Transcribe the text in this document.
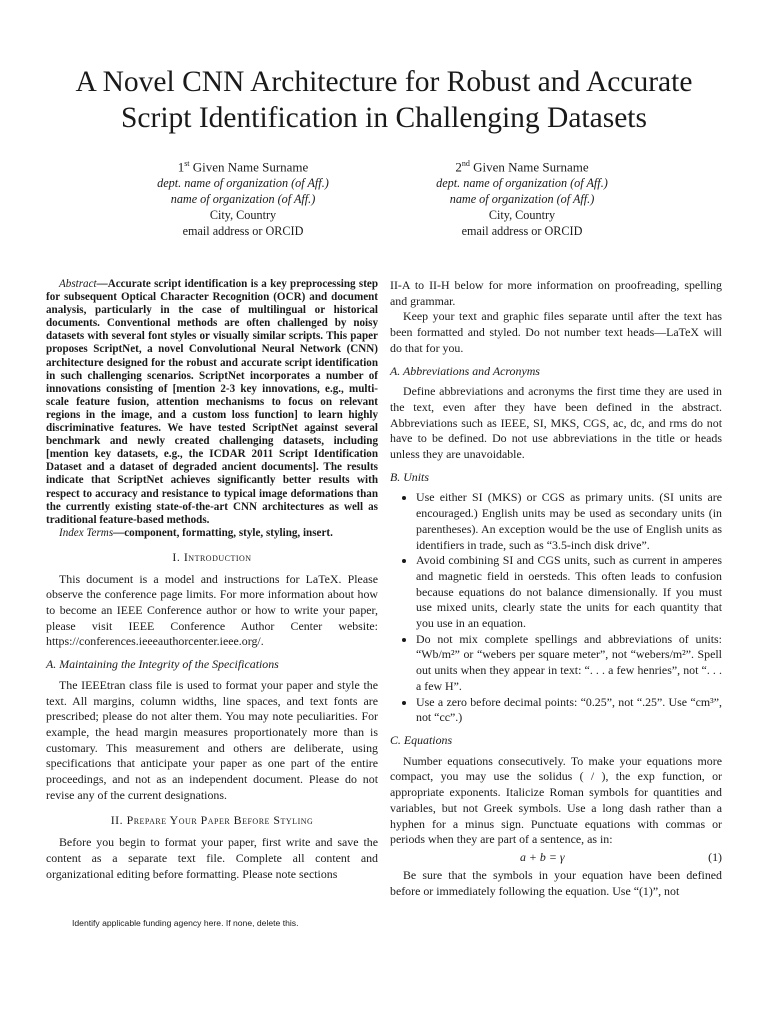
A Novel CNN Architecture for Robust and Accurate
Script Identification in Challenging Datasets
1st Given Name Surname
dept. name of organization (of Aff.)
name of organization (of Aff.)
City, Country
email address or ORCID
2nd Given Name Surname
dept. name of organization (of Aff.)
name of organization (of Aff.)
City, Country
email address or ORCID

Abstract—Accurate script identification is a key preprocessing step for subsequent Optical Character Recognition (OCR) and document analysis, particularly in the case of multilingual or historical documents. Conventional methods are often challenged by noisy datasets with several font styles or visually similar scripts. This paper proposes ScriptNet, a novel Convolutional Neural Network (CNN) architecture designed for the robust and accurate script identification in such challenging scenarios. ScriptNet incorporates a number of innovations consisting of [mention 2-3 key innovations, e.g., multi-scale feature fusion, attention mechanisms to focus on relevant regions in the image, and a custom loss function] to learn highly discriminative features. We have tested ScriptNet against several benchmark and newly created challenging datasets, including [mention key datasets, e.g., the ICDAR 2011 Script Identification Dataset and a dataset of degraded ancient documents]. The results indicate that ScriptNet achieves significantly better results with respect to accuracy and resistance to typical image deformations than the currently existing state-of-the-art CNN architectures as well as traditional feature-based methods.

Index Terms—component, formatting, style, styling, insert.

I. Introduction

This document is a model and instructions for LaTeX. Please observe the conference page limits. For more information about how to become an IEEE Conference author or how to write your paper, please visit IEEE Conference Author Center website: https://conferences.ieeeauthorcenter.ieee.org/.

A. Maintaining the Integrity of the Specifications

The IEEEtran class file is used to format your paper and style the text. All margins, column widths, line spaces, and text fonts are prescribed; please do not alter them. You may note peculiarities. For example, the head margin measures proportionately more than is customary. This measurement and others are deliberate, using specifications that anticipate your paper as one part of the entire proceedings, and not as an independent document. Please do not revise any of the current designations.

II. Prepare Your Paper Before Styling

Before you begin to format your paper, first write and save the content as a separate text file. Complete all content and organizational editing before formatting. Please note sections

II-A to II-H below for more information on proofreading, spelling and grammar.

Keep your text and graphic files separate until after the text has been formatted and styled. Do not number text heads—LaTeX will do that for you.

A. Abbreviations and Acronyms

Define abbreviations and acronyms the first time they are used in the text, even after they have been defined in the abstract. Abbreviations such as IEEE, SI, MKS, CGS, ac, dc, and rms do not have to be defined. Do not use abbreviations in the title or heads unless they are unavoidable.

B. Units
• Use either SI (MKS) or CGS as primary units. (SI units are encouraged.) English units may be used as secondary units (in parentheses). An exception would be the use of English units as identifiers in trade, such as “3.5-inch disk drive”.
• Avoid combining SI and CGS units, such as current in amperes and magnetic field in oersteds. This often leads to confusion because equations do not balance dimensionally. If you must use mixed units, clearly state the units for each quantity that you use in an equation.
• Do not mix complete spellings and abbreviations of units: “Wb/m²” or “webers per square meter”, not “webers/m²”. Spell out units when they appear in text: “. . . a few henries”, not “. . . a few H”.
• Use a zero before decimal points: “0.25”, not “.25”. Use “cm³”, not “cc”.)
C. Equations

Number equations consecutively. To make your equations more compact, you may use the solidus ( / ), the exp function, or appropriate exponents. Italicize Roman symbols for quantities and variables, but not Greek symbols. Use a long dash rather than a hyphen for a minus sign. Punctuate equations with commas or periods when they are part of a sentence, as in:

a + b = γ	(1)

Be sure that the symbols in your equation have been defined before or immediately following the equation. Use “(1)”, not

Identify applicable funding agency here. If none, delete this.
